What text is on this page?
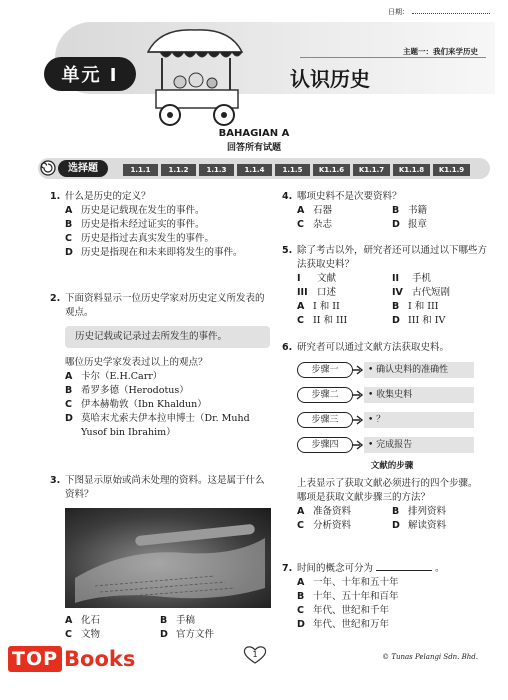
日期：
主题一：我们来学历史
单元 I	认识历史
BAHAGIAN A
回答所有试题
选择题	1.1.1	1.1.2	1.1.3	1.1.4	1.1.5	K1.1.6	K1.1.7	K1.1.8	K1.1.9
1. 什么是历史的定义？
A 历史是记载现在发生的事件。
B 历史是指未经过证实的事件。
C 历史是指过去真实发生的事件。
D 历史是指现在和未来即将发生的事件。
2. 下面资料显示一位历史学家对历史定义所发表的观点。
历史记载或记录过去所发生的事件。
哪位历史学家发表过以上的观点？
A 卡尔（E.H.Carr）
B 希罗多德（Herodotus）
C 伊本赫勒敦（Ibn Khaldun）
D 莫哈末尤索夫伊本拉申博士（Dr. Muhd Yusof bin Ibrahim）
3. 下图显示原始或尚未处理的资料。这是属于什么资料？
A 化石	B 手稿
C 文物	D 官方文件
4. 哪项史料不是次要资料？
A 石器	B 书籍
C 杂志	D 报章
5. 除了考古以外，研究者还可以通过以下哪些方法获取史料？
I	文献	II	手机
III 口述	IV 古代短剧
A I 和 II	B I 和 III
C II 和 III	D III 和 IV
6. 研究者可以通过文献方法获取史料。
步骤一	• 确认史料的准确性
步骤二	• 收集史料
步骤三	• ？
步骤四	• 完成报告
文献的步骤
上表显示了获取文献必须进行的四个步骤。
哪项是获取文献步骤三的方法？
A 准备资料	B 排列资料
C 分析资料	D 解读资料
7. 时间的概念可分为	。
A 一年、十年和五十年
B 十年、五十年和百年
C 年代、世纪和千年
D 年代、世纪和万年
1	© Tunas Pelangi Sdn. Bhd.
TOP Books
